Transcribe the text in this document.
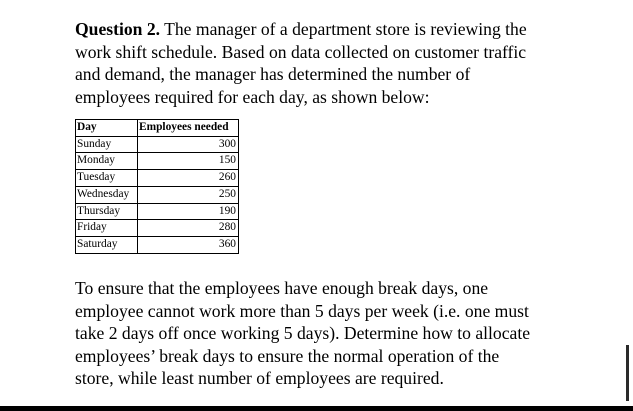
Question 2. The manager of a department store is reviewing the
work shift schedule. Based on data collected on customer traffic
and demand, the manager has determined the number of
employees required for each day, as shown below:

Day	Employees needed
Sunday	300
Monday	150
Tuesday	260
Wednesday	250
Thursday	190
Friday	280
Saturday	360
To ensure that the employees have enough break days, one
employee cannot work more than 5 days per week (i.e. one must
take 2 days off once working 5 days). Determine how to allocate
employees’ break days to ensure the normal operation of the
store, while least number of employees are required.
